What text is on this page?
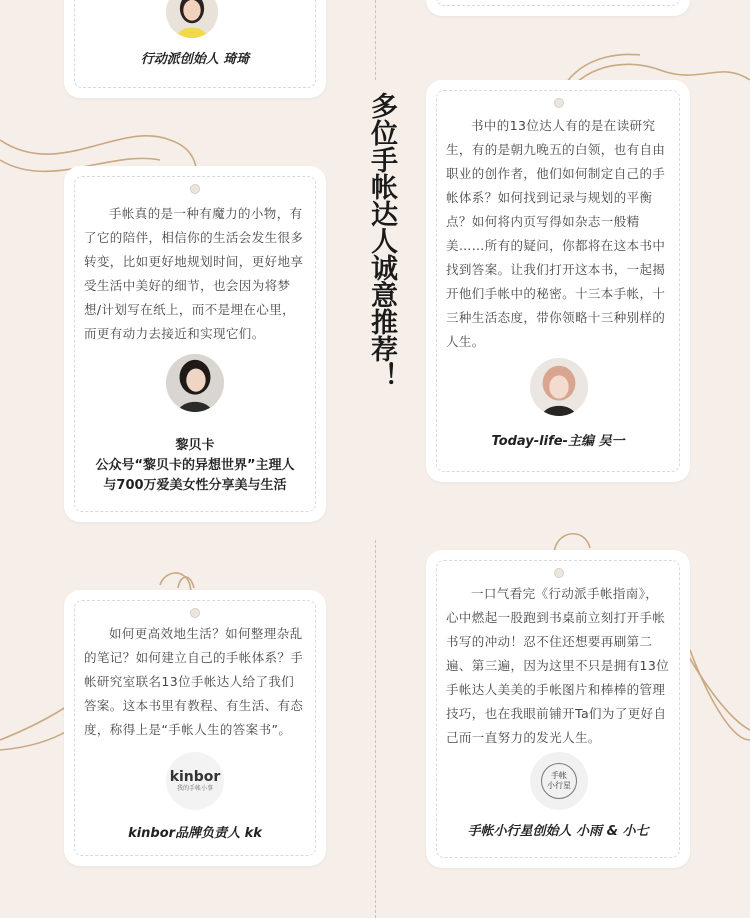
多位手帐达人诚意推荐！
行动派创始人 琦琦

手帐真的是一种有魔力的小物，有了它的陪伴，相信你的生活会发生很多转变，比如更好地规划时间，更好地享受生活中美好的细节，也会因为将梦想/计划写在纸上，而不是埋在心里，而更有动力去接近和实现它们。

黎贝卡
公众号“黎贝卡的异想世界”主理人
与700万爱美女性分享美与生活

书中的13位达人有的是在读研究生，有的是朝九晚五的白领，也有自由职业的创作者，他们如何制定自己的手帐体系？如何找到记录与规划的平衡点？如何将内页写得如杂志一般精美……所有的疑问，你都将在这本书中找到答案。让我们打开这本书，一起揭开他们手帐中的秘密。十三本手帐，十三种生活态度，带你领略十三种别样的人生。

Today-life-主编 吴一

如何更高效地生活？如何整理杂乱的笔记？如何建立自己的手帐体系？手帐研究室联名13位手帐达人给了我们答案。这本书里有教程、有生活、有态度，称得上是“手帐人生的答案书”。

kinbor
我的手帐小事
kinbor品牌负责人 kk

一口气看完《行动派手帐指南》，心中燃起一股跑到书桌前立刻打开手帐书写的冲动！忍不住还想要再刷第二遍、第三遍，因为这里不只是拥有13位手帐达人美美的手帐图片和棒棒的管理技巧，也在我眼前铺开Ta们为了更好自己而一直努力的发光人生。

手帐
小行星
手帐小行星创始人 小雨 & 小七
